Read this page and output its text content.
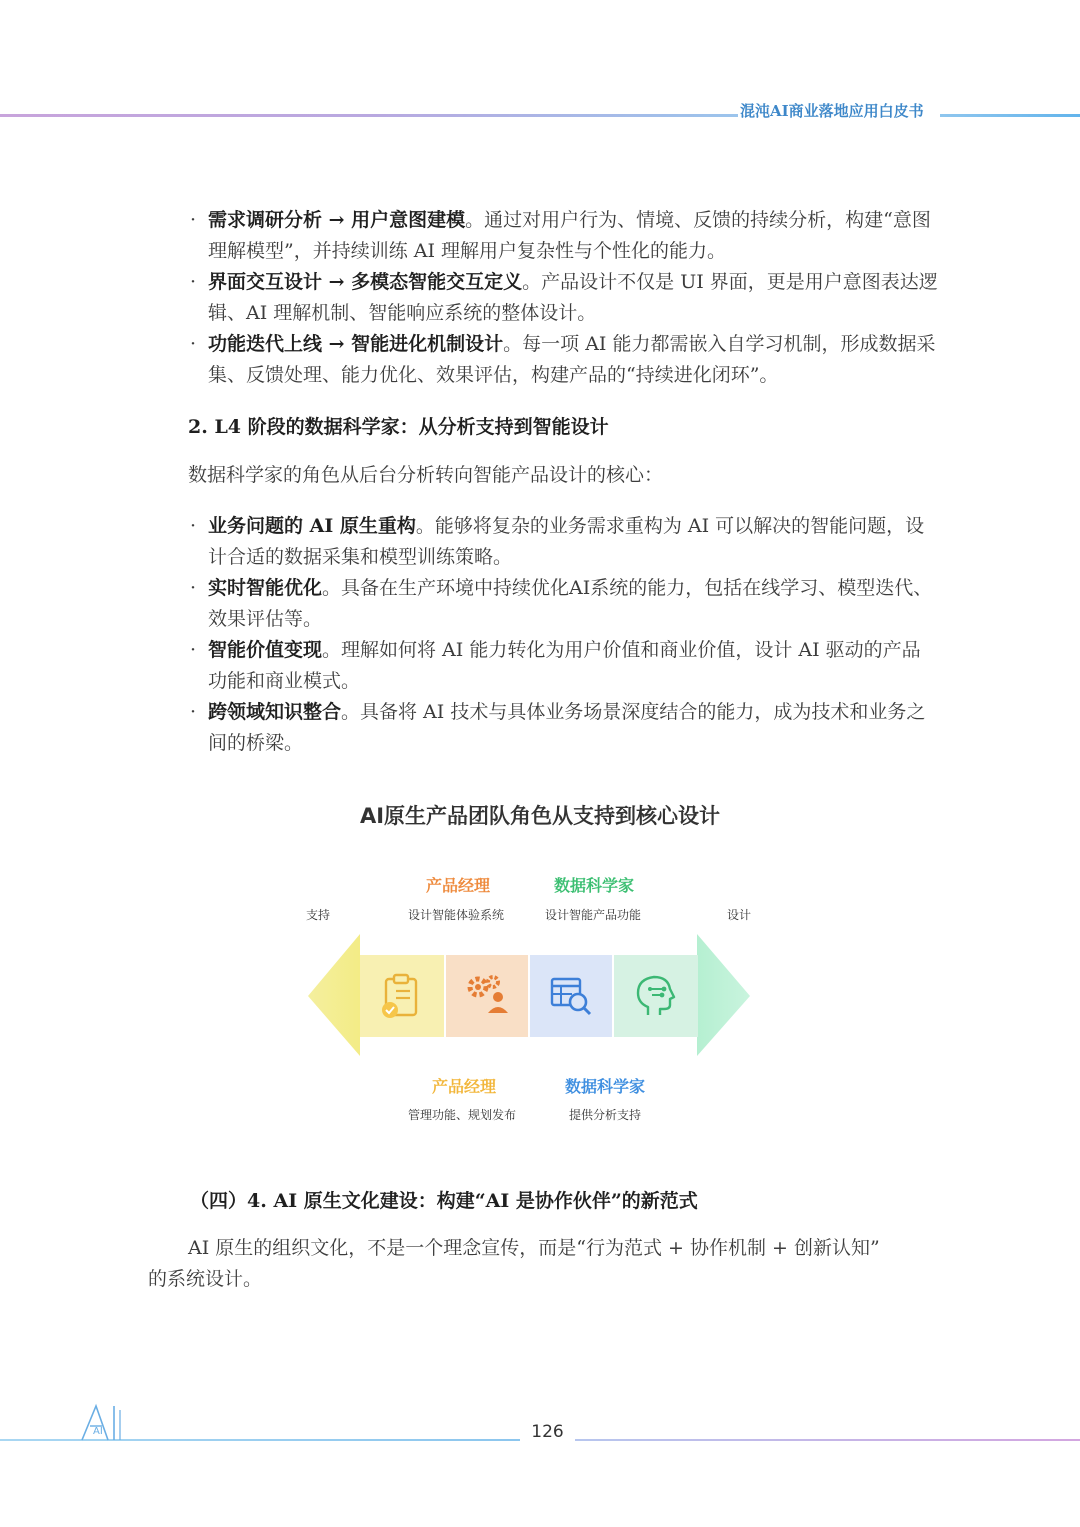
混沌AI商业落地应用白皮书

· 需求调研分析 → 用户意图建模。通过对用户行为、情境、反馈的持续分析，构建“意图理解模型”，并持续训练 AI 理解用户复杂性与个性化的能力。

· 界面交互设计 → 多模态智能交互定义。产品设计不仅是 UI 界面，更是用户意图表达逻辑、AI 理解机制、智能响应系统的整体设计。

· 功能迭代上线 → 智能进化机制设计。每一项 AI 能力都需嵌入自学习机制，形成数据采集、反馈处理、能力优化、效果评估，构建产品的“持续进化闭环”。

2. L4 阶段的数据科学家：从分析支持到智能设计
数据科学家的角色从后台分析转向智能产品设计的核心：

· 业务问题的 AI 原生重构。能够将复杂的业务需求重构为 AI 可以解决的智能问题，设计合适的数据采集和模型训练策略。

· 实时智能优化。具备在生产环境中持续优化AI系统的能力，包括在线学习、模型迭代、效果评估等。

· 智能价值变现。理解如何将 AI 能力转化为用户价值和商业价值，设计 AI 驱动的产品功能和商业模式。

· 跨领域知识整合。具备将 AI 技术与具体业务场景深度结合的能力，成为技术和业务之间的桥梁。

AI原生产品团队角色从支持到核心设计
支持	设计
产品经理
设计智能体验系统
数据科学家
设计智能产品功能
产品经理
管理功能、规划发布
数据科学家
提供分析支持
（四）4. AI 原生文化建设：构建“AI 是协作伙伴”的新范式
AI 原生的组织文化，不是一个理念宣传，而是“行为范式 + 协作机制 + 创新认知”
的系统设计。
AI	126
